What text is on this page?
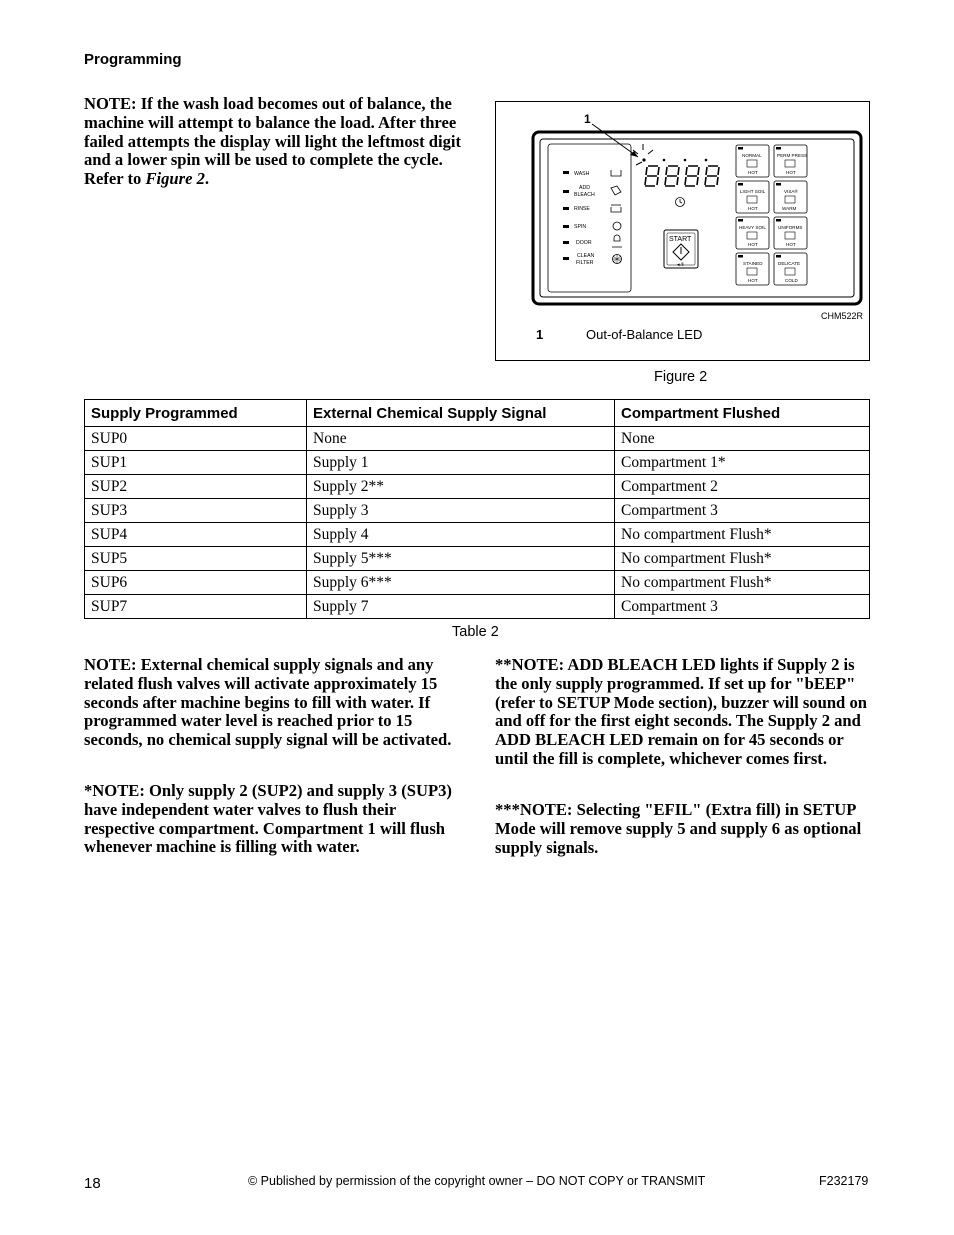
Programming

NOTE: If the wash load becomes out of balance, the machine will attempt to balance the load. After three failed attempts the display will light the leftmost digit and a lower spin will be used to complete the cycle. Refer to Figure 2.	WASH
ADD
BLEACH
RINSE
SPIN
DOOR
CLEAN
FILTER
1
START
◄/‖
NORMAL
HOT
PERM PRESS
HOT
LIGHT SOIL
HOT
VISA®
WARM
HEAVY SOIL
HOT
UNIFORMS
HOT
STAINED
HOT
DELICATE
COLD
CHM522R
1	Out-of-Balance LED
Figure 2
Supply Programmed	External Chemical Supply Signal	Compartment Flushed
SUP0	None	None
SUP1	Supply 1	Compartment 1*
SUP2	Supply 2**	Compartment 2
SUP3	Supply 3	Compartment 3
SUP4	Supply 4	No compartment Flush*
SUP5	Supply 5***	No compartment Flush*
SUP6	Supply 6***	No compartment Flush*
SUP7	Supply 7	Compartment 3
Table 2

NOTE: External chemical supply signals and any related flush valves will activate approximately 15 seconds after machine begins to fill with water. If programmed water level is reached prior to 15 seconds, no chemical supply signal will be activated.

*NOTE: Only supply 2 (SUP2) and supply 3 (SUP3) have independent water valves to flush their respective compartment. Compartment 1 will flush whenever machine is filling with water.

**NOTE: ADD BLEACH LED lights if Supply 2 is the only supply programmed. If set up for "bEEP"(refer to SETUP Mode section), buzzer will sound on and off for the first eight seconds. The Supply 2 and ADD BLEACH LED remain on for 45 seconds or until the fill is complete, whichever comes first.

***NOTE: Selecting "EFIL" (Extra fill) in SETUP Mode will remove supply 5 and supply 6 as optional supply signals.

18	© Published by permission of the copyright owner – DO NOT COPY or TRANSMIT	F232179
